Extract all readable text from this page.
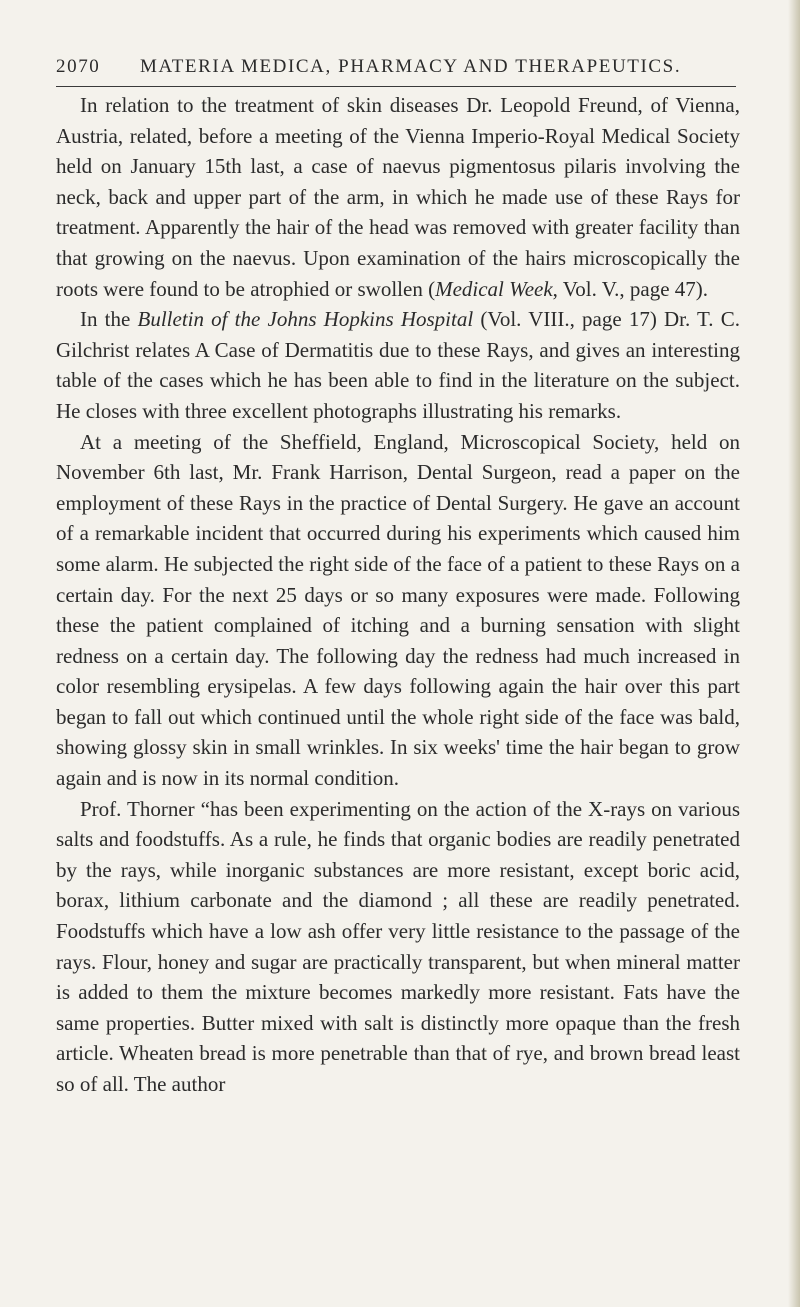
2070 MATERIA MEDICA, PHARMACY AND THERAPEUTICS.

In relation to the treatment of skin diseases Dr. Leopold Freund, of Vienna, Austria, related, before a meeting of the Vienna Imperio-Royal Medical Society held on January 15th last, a case of naevus pigmentosus pilaris involving the neck, back and upper part of the arm, in which he made use of these Rays for treatment. Apparently the hair of the head was removed with greater facility than that growing on the naevus. Upon examination of the hairs microscopically the roots were found to be atrophied or swollen (Medical Week, Vol. V., page 47).

In the Bulletin of the Johns Hopkins Hospital (Vol. VIII., page 17) Dr. T. C. Gilchrist relates A Case of Dermatitis due to these Rays, and gives an interesting table of the cases which he has been able to find in the literature on the subject. He closes with three excellent photographs illustrating his remarks.

At a meeting of the Sheffield, England, Microscopical Society, held on November 6th last, Mr. Frank Harrison, Dental Surgeon, read a paper on the employment of these Rays in the practice of Dental Surgery. He gave an account of a remarkable incident that occurred during his experiments which caused him some alarm. He subjected the right side of the face of a patient to these Rays on a certain day. For the next 25 days or so many exposures were made. Following these the patient complained of itching and a burning sensation with slight redness on a certain day. The following day the redness had much increased in color resembling erysipelas. A few days following again the hair over this part began to fall out which continued until the whole right side of the face was bald, showing glossy skin in small wrinkles. In six weeks' time the hair began to grow again and is now in its normal condition.

Prof. Thorner “has been experimenting on the action of the X-rays on various salts and foodstuffs. As a rule, he finds that organic bodies are readily penetrated by the rays, while inorganic substances are more resistant, except boric acid, borax, lithium carbonate and the diamond ; all these are readily penetrated. Foodstuffs which have a low ash offer very little resistance to the passage of the rays. Flour, honey and sugar are practically transparent, but when mineral matter is added to them the mixture becomes markedly more resistant. Fats have the same properties. Butter mixed with salt is distinctly more opaque than the fresh article. Wheaten bread is more penetrable than that of rye, and brown bread least so of all. The author
